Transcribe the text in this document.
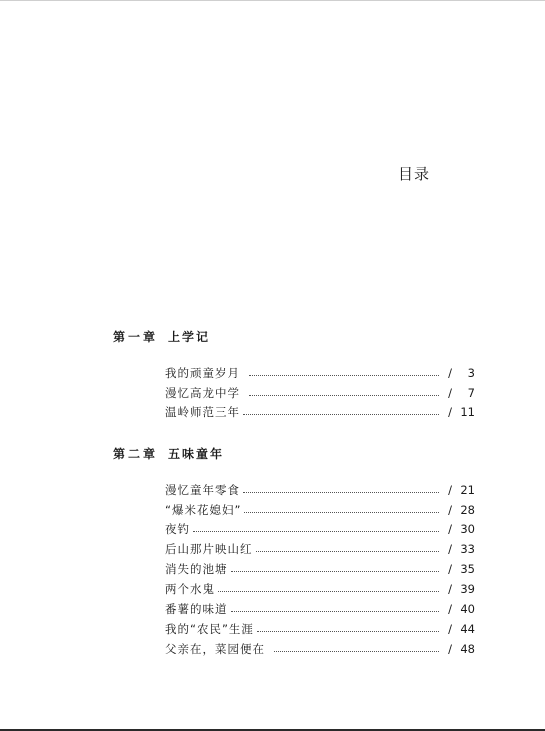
目录
第一章 上学记
我的顽童岁月	/	3
漫忆高龙中学	/	7
温岭师范三年	/ 11
第二章 五味童年
漫忆童年零食	/ 21
“爆米花媳妇”	/ 28
夜钓	/ 30
后山那片映山红	/ 33
消失的池塘	/ 35
两个水鬼	/ 39
番薯的味道	/ 40
我的“农民”生涯	/ 44
父亲在，菜园便在	/ 48
